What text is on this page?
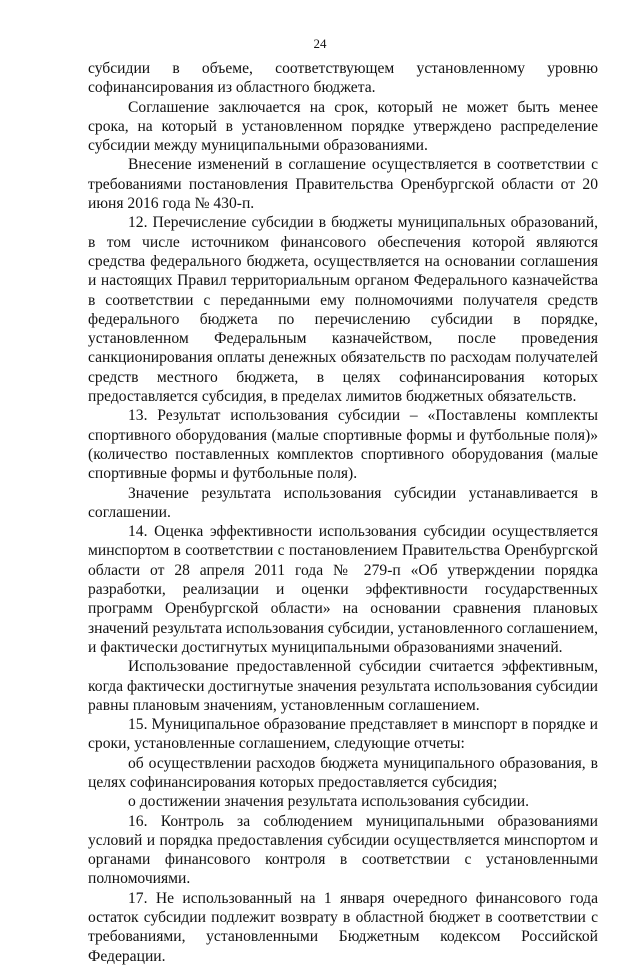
24

субсидии в объеме, соответствующем установленному уровню софинансирования из областного бюджета.

Соглашение заключается на срок, который не может быть менее срока, на который в установленном порядке утверждено распределение субсидии между муниципальными образованиями.

Внесение изменений в соглашение осуществляется в соответствии с требованиями постановления Правительства Оренбургской области от 20 июня 2016 года № 430-п.

12. Перечисление субсидии в бюджеты муниципальных образований, в том числе источником финансового обеспечения которой являются средства федерального бюджета, осуществляется на основании соглашения и настоящих Правил территориальным органом Федерального казначейства в соответствии с переданными ему полномочиями получателя средств федерального бюджета по перечислению субсидии в порядке, установленном Федеральным казначейством, после проведения санкционирования оплаты денежных обязательств по расходам получателей средств местного бюджета, в целях софинансирования которых предоставляется субсидия, в пределах лимитов бюджетных обязательств.

13. Результат использования субсидии – «Поставлены комплекты спортивного оборудования (малые спортивные формы и футбольные поля)» (количество поставленных комплектов спортивного оборудования (малые спортивные формы и футбольные поля).

Значение результата использования субсидии устанавливается в соглашении.

14. Оценка эффективности использования субсидии осуществляется минспортом в соответствии с постановлением Правительства Оренбургской области от 28 апреля 2011 года № 279-п «Об утверждении порядка разработки, реализации и оценки эффективности государственных программ Оренбургской области» на основании сравнения плановых значений результата использования субсидии, установленного соглашением, и фактически достигнутых муниципальными образованиями значений.

Использование предоставленной субсидии считается эффективным, когда фактически достигнутые значения результата использования субсидии равны плановым значениям, установленным соглашением.

15. Муниципальное образование представляет в минспорт в порядке и сроки, установленные соглашением, следующие отчеты:

об осуществлении расходов бюджета муниципального образования, в целях софинансирования которых предоставляется субсидия;

о достижении значения результата использования субсидии.

16. Контроль за соблюдением муниципальными образованиями условий и порядка предоставления субсидии осуществляется минспортом и органами финансового контроля в соответствии с установленными полномочиями.

17. Не использованный на 1 января очередного финансового года остаток субсидии подлежит возврату в областной бюджет в соответствии с требованиями, установленными Бюджетным кодексом Российской Федерации.
